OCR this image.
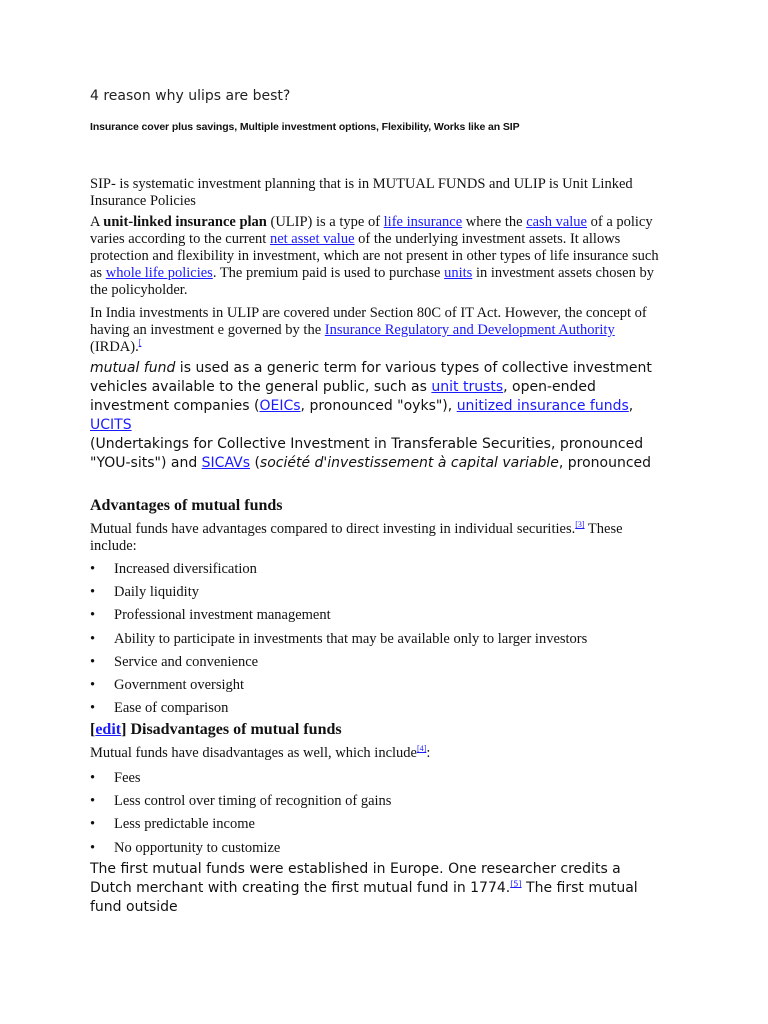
4 reason why ulips are best?
Insurance cover plus savings, Multiple investment options, Flexibility, Works like an SIP
SIP- is systematic investment planning that is in MUTUAL FUNDS and ULIP is Unit Linked Insurance Policies
A unit-linked insurance plan (ULIP) is a type of life insurance where the cash value of a policy varies according to the current net asset value of the underlying investment assets. It allows protection and flexibility in investment, which are not present in other types of life insurance such as whole life policies. The premium paid is used to purchase units in investment assets chosen by the policyholder.
In India investments in ULIP are covered under Section 80C of IT Act. However, the concept of having an investment e governed by the Insurance Regulatory and Development Authority
(IRDA).[
mutual fund is used as a generic term for various types of collective investment vehicles available to the general public, such as unit trusts, open-ended investment companies (OEICs, pronounced "oyks"), unitized insurance funds, UCITS
(Undertakings for Collective Investment in Transferable Securities, pronounced "YOU-sits") and SICAVs (société d'investissement à capital variable, pronounced
Advantages of mutual funds
Mutual funds have advantages compared to direct investing in individual securities.[3] These include:
• Increased diversification
• Daily liquidity
• Professional investment management
• Ability to participate in investments that may be available only to larger investors
• Service and convenience
• Government oversight
• Ease of comparison
[edit] Disadvantages of mutual funds
Mutual funds have disadvantages as well, which include[4]:
• Fees
• Less control over timing of recognition of gains
• Less predictable income
• No opportunity to customize
The first mutual funds were established in Europe. One researcher credits a Dutch merchant with creating the first mutual fund in 1774.[5] The first mutual fund outside
